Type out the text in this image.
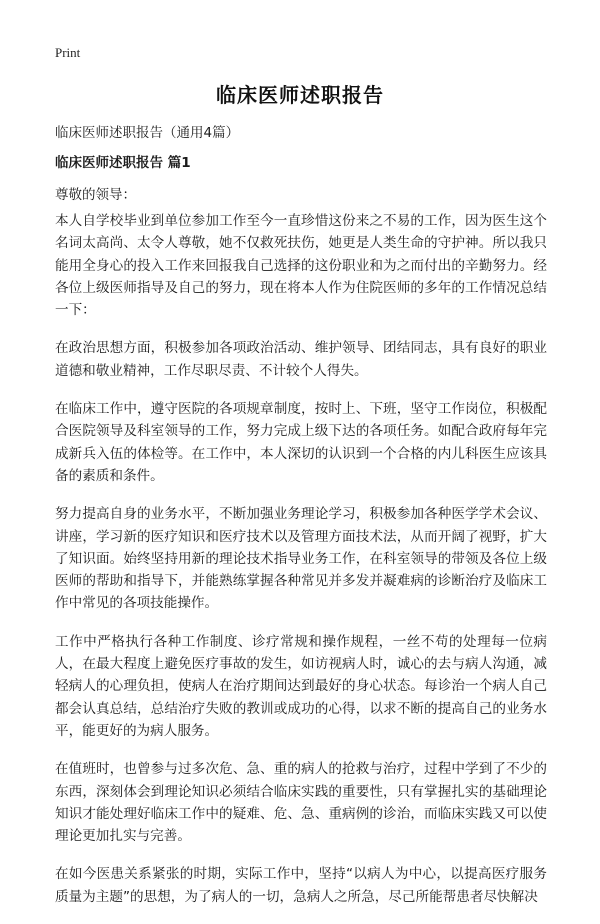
Print
临床医师述职报告
临床医师述职报告（通用4篇）
临床医师述职报告 篇1
尊敬的领导：

本人自学校毕业到单位参加工作至今一直珍惜这份来之不易的工作，因为医生这个名词太高尚、太令人尊敬，她不仅救死扶伤，她更是人类生命的守护神。所以我只能用全身心的投入工作来回报我自己选择的这份职业和为之而付出的辛勤努力。经各位上级医师指导及自己的努力，现在将本人作为住院医师的多年的工作情况总结一下：

在政治思想方面，积极参加各项政治活动、维护领导、团结同志，具有良好的职业道德和敬业精神，工作尽职尽责、不计较个人得失。

在临床工作中，遵守医院的各项规章制度，按时上、下班，坚守工作岗位，积极配合医院领导及科室领导的工作，努力完成上级下达的各项任务。如配合政府每年完成新兵入伍的体检等。在工作中，本人深切的认识到一个合格的内儿科医生应该具备的素质和条件。

努力提高自身的业务水平，不断加强业务理论学习，积极参加各种医学学术会议、讲座，学习新的医疗知识和医疗技术以及管理方面技术法，从而开阔了视野，扩大了知识面。始终坚持用新的理论技术指导业务工作，在科室领导的带领及各位上级医师的帮助和指导下，并能熟练掌握各种常见并多发并凝难病的诊断治疗及临床工作中常见的各项技能操作。

工作中严格执行各种工作制度、诊疗常规和操作规程，一丝不苟的处理每一位病人，在最大程度上避免医疗事故的发生，如访视病人时，诚心的去与病人沟通，减轻病人的心理负担，使病人在治疗期间达到最好的身心状态。每诊治一个病人自己都会认真总结，总结治疗失败的教训或成功的心得，以求不断的提高自己的业务水平，能更好的为病人服务。

在值班时，也曾参与过多次危、急、重的病人的抢救与治疗，过程中学到了不少的东西，深刻体会到理论知识必须结合临床实践的重要性，只有掌握扎实的基础理论知识才能处理好临床工作中的疑难、危、急、重病例的诊治，而临床实践又可以使理论更加扎实与完善。

在如今医患关系紧张的时期，实际工作中，坚持“以病人为中心，以提高医疗服务质量为主题”的思想，为了病人的一切，急病人之所急，尽己所能帮患者尽快解决
